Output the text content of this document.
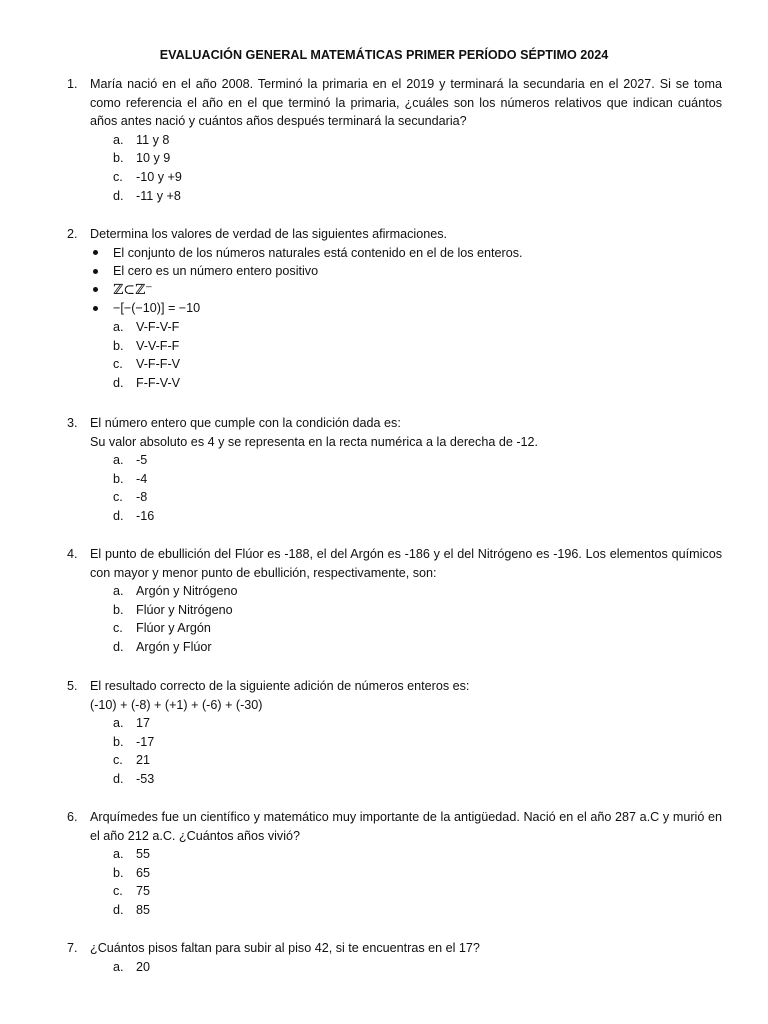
EVALUACIÓN GENERAL MATEMÁTICAS PRIMER PERÍODO SÉPTIMO 2024
1. María nació en el año 2008. Terminó la primaria en el 2019 y terminará la secundaria en el 2027. Si se toma como referencia el año en el que terminó la primaria, ¿cuáles son los números relativos que indican cuántos años antes nació y cuántos años después terminará la secundaria?
a. 11 y 8
b. 10 y 9
c. -10 y +9
d. -11 y +8
2. Determina los valores de verdad de las siguientes afirmaciones.
El conjunto de los números naturales está contenido en el de los enteros.
El cero es un número entero positivo
ℤ⊂ℤ⁻
−[−(−10)] = −10
a. V-F-V-F
b. V-V-F-F
c. V-F-F-V
d. F-F-V-V
3. El número entero que cumple con la condición dada es:
Su valor absoluto es 4 y se representa en la recta numérica a la derecha de -12.
a. -5
b. -4
c. -8
d. -16
4. El punto de ebullición del Flúor es -188, el del Argón es -186 y el del Nitrógeno es -196. Los elementos químicos con mayor y menor punto de ebullición, respectivamente, son:
a. Argón y Nitrógeno
b. Flúor y Nitrógeno
c. Flúor y Argón
d. Argón y Flúor
5. El resultado correcto de la siguiente adición de números enteros es:
(-10) + (-8) + (+1) + (-6) + (-30)
a. 17
b. -17
c. 21
d. -53
6. Arquímedes fue un científico y matemático muy importante de la antigüedad. Nació en el año 287 a.C y murió en el año 212 a.C. ¿Cuántos años vivió?
a. 55
b. 65
c. 75
d. 85
7. ¿Cuántos pisos faltan para subir al piso 42, si te encuentras en el 17?
a. 20
